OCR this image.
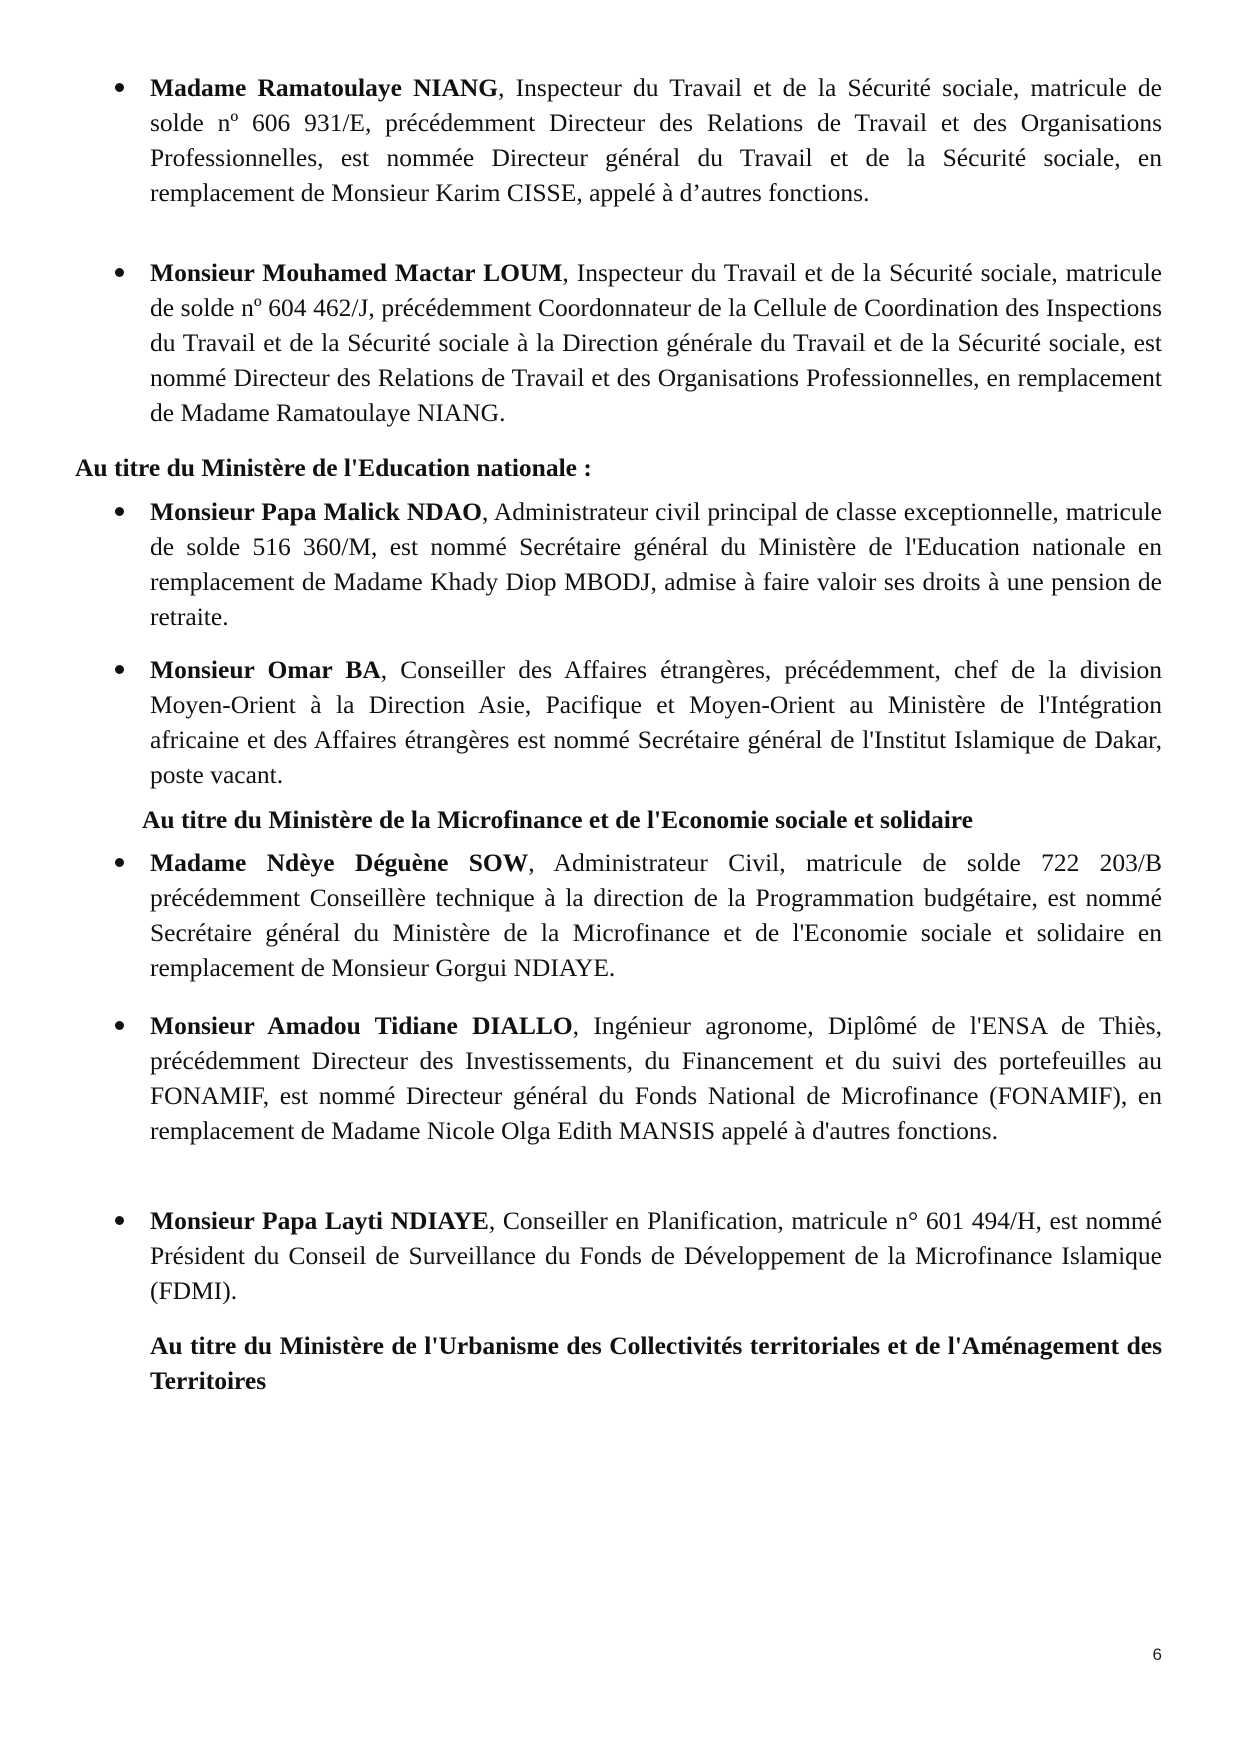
Madame Ramatoulaye NIANG, Inspecteur du Travail et de la Sécurité sociale, matricule de solde nº 606 931/E, précédemment Directeur des Relations de Travail et des Organisations Professionnelles, est nommée Directeur général du Travail et de la Sécurité sociale, en remplacement de Monsieur Karim CISSE, appelé à d’autres fonctions.
Monsieur Mouhamed Mactar LOUM, Inspecteur du Travail et de la Sécurité sociale, matricule de solde nº 604 462/J, précédemment Coordonnateur de la Cellule de Coordination des Inspections du Travail et de la Sécurité sociale à la Direction générale du Travail et de la Sécurité sociale, est nommé Directeur des Relations de Travail et des Organisations Professionnelles, en remplacement de Madame Ramatoulaye NIANG.
Au titre du Ministère de l'Education nationale :
Monsieur Papa Malick NDAO, Administrateur civil principal de classe exceptionnelle, matricule de solde 516 360/M, est nommé Secrétaire général du Ministère de l'Education nationale en remplacement de Madame Khady Diop MBODJ, admise à faire valoir ses droits à une pension de retraite.
Monsieur Omar BA, Conseiller des Affaires étrangères, précédemment, chef de la division Moyen-Orient à la Direction Asie, Pacifique et Moyen-Orient au Ministère de l'Intégration africaine et des Affaires étrangères est nommé Secrétaire général de l'Institut Islamique de Dakar, poste vacant.
Au titre du Ministère de la Microfinance et de l'Economie sociale et solidaire
Madame Ndèye Déguène SOW, Administrateur Civil, matricule de solde 722 203/B précédemment Conseillère technique à la direction de la Programmation budgétaire, est nommé Secrétaire général du Ministère de la Microfinance et de l'Economie sociale et solidaire en remplacement de Monsieur Gorgui NDIAYE.
Monsieur Amadou Tidiane DIALLO, Ingénieur agronome, Diplômé de l'ENSA de Thiès, précédemment Directeur des Investissements, du Financement et du suivi des portefeuilles au FONAMIF, est nommé Directeur général du Fonds National de Microfinance (FONAMIF), en remplacement de Madame Nicole Olga Edith MANSIS appelé à d'autres fonctions.
Monsieur Papa Layti NDIAYE, Conseiller en Planification, matricule n° 601 494/H, est nommé Président du Conseil de Surveillance du Fonds de Développement de la Microfinance Islamique (FDMI).
Au titre du Ministère de l'Urbanisme des Collectivités territoriales et de l'Aménagement des Territoires
6
